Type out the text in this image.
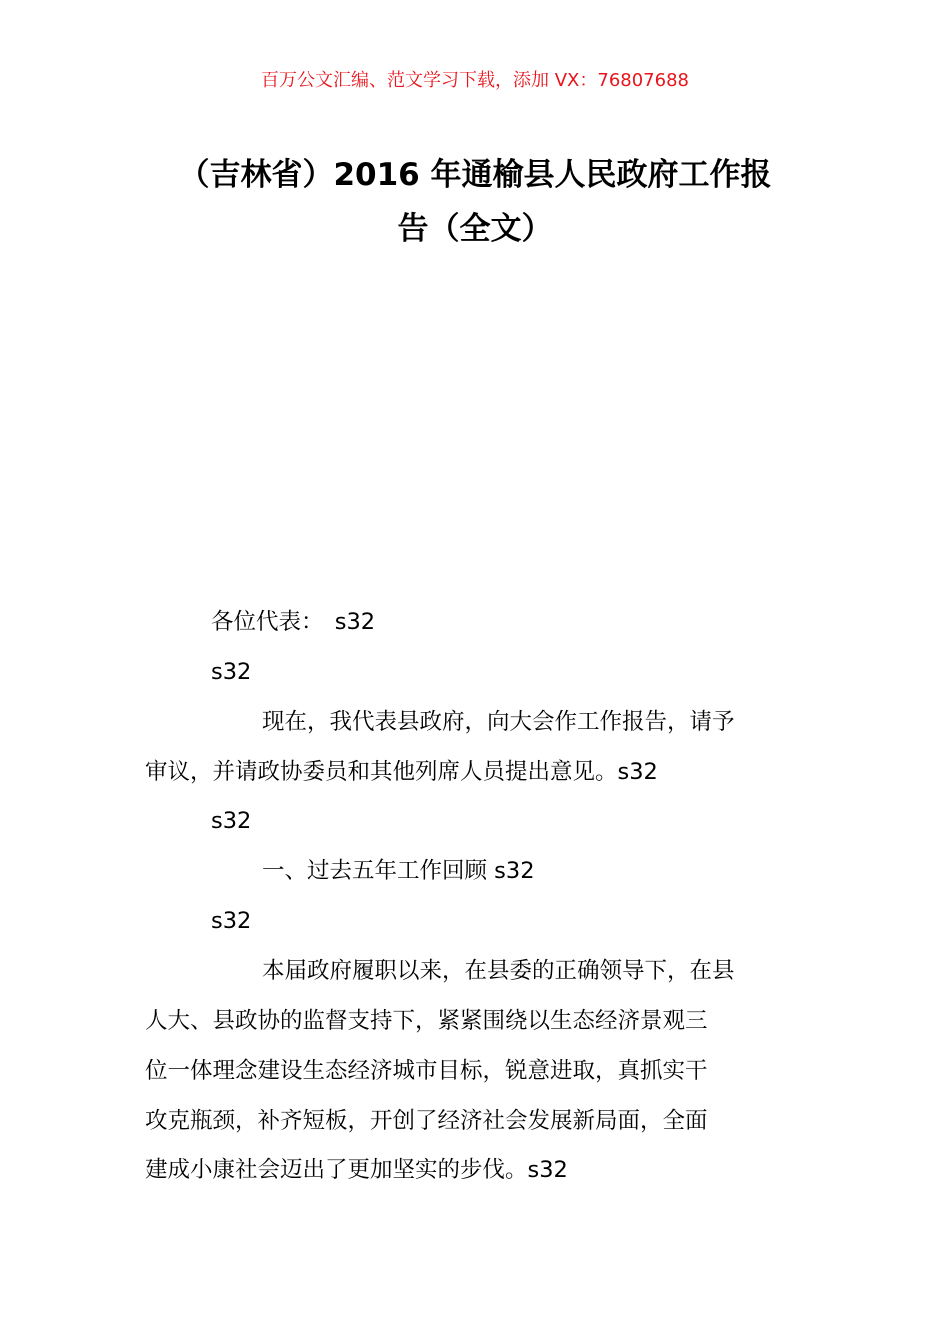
百万公文汇编、范文学习下载，添加 VX：76807688
（吉林省）2016 年通榆县人民政府工作报
告（全文）
各位代表：　s32
s32
现在，我代表县政府，向大会作工作报告，请予
审议，并请政协委员和其他列席人员提出意见。s32
s32
一、过去五年工作回顾 s32
s32
本届政府履职以来，在县委的正确领导下，在县
人大、县政协的监督支持下，紧紧围绕以生态经济景观三
位一体理念建设生态经济城市目标，锐意进取，真抓实干
攻克瓶颈，补齐短板，开创了经济社会发展新局面，全面
建成小康社会迈出了更加坚实的步伐。s32
